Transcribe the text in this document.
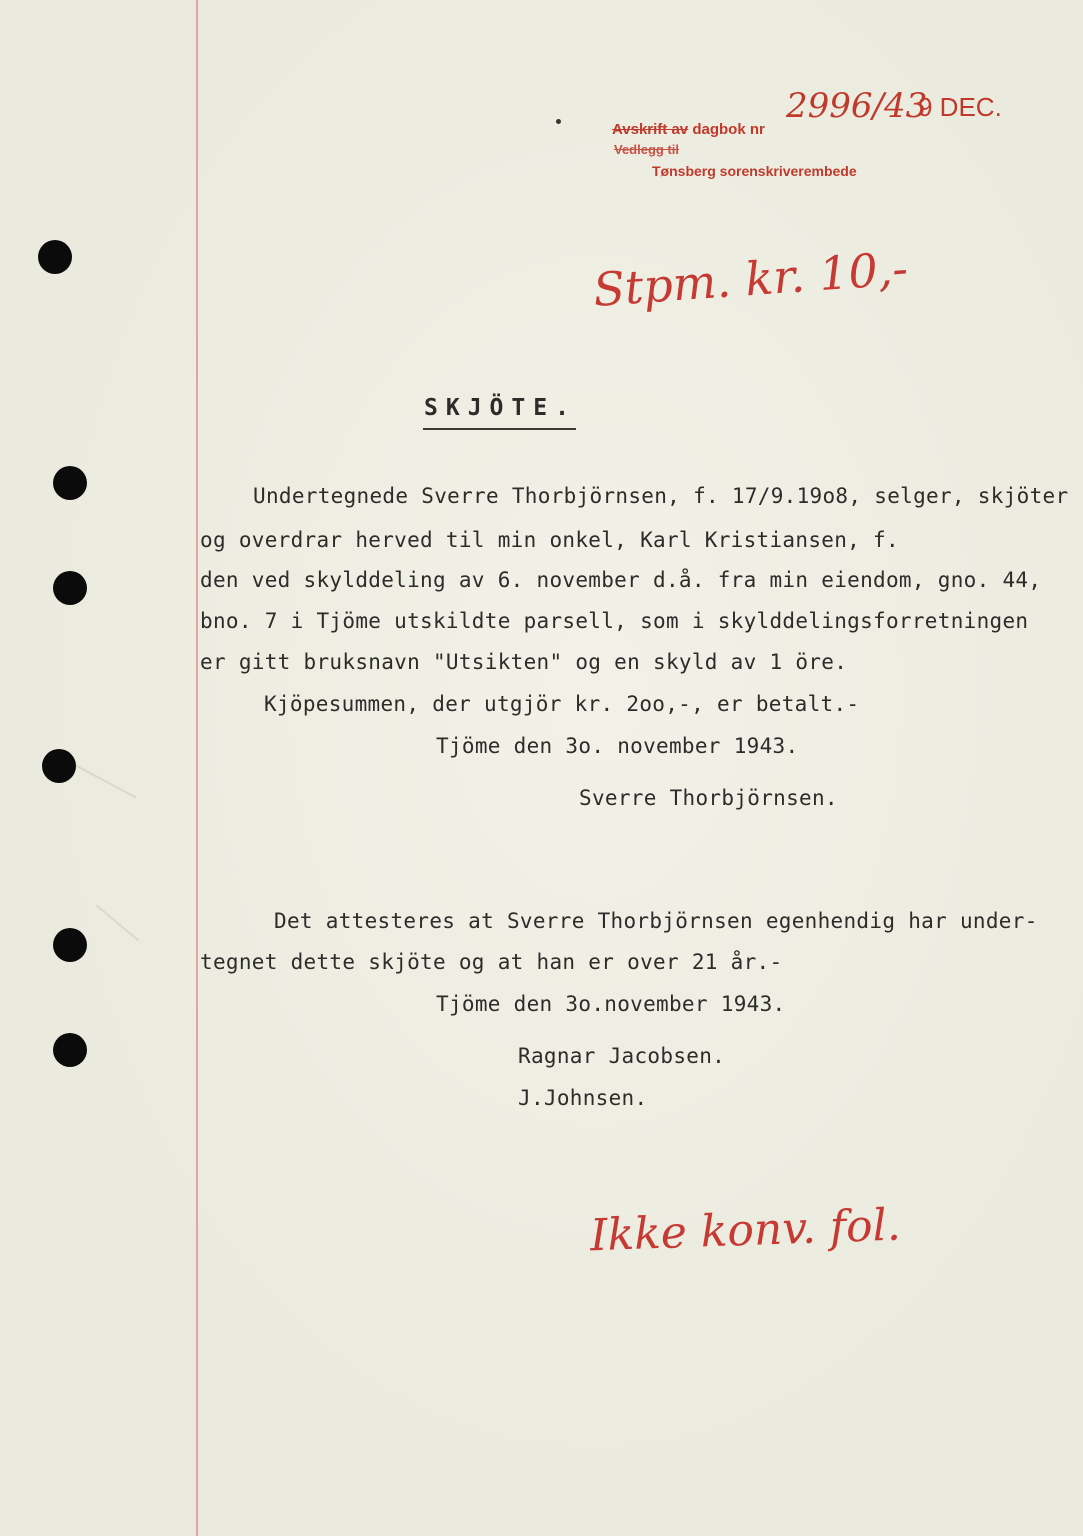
Avskrift av dagbok nr
Vedlegg til
Tønsberg sorenskriverembede
2996/43
9 DEC.
Stpm. kr. 10,-
SKJÖTE.
Undertegnede Sverre Thorbjörnsen, f. 17/9.19o8, selger, skjöter
og overdrar herved til min onkel, Karl Kristiansen, f.
den ved skylddeling av 6. november d.å. fra min eiendom, gno. 44,
bno. 7 i Tjöme utskildte parsell, som i skylddelingsforretningen
er gitt bruksnavn "Utsikten" og en skyld av 1 öre.
Kjöpesummen, der utgjör kr. 2oo,-, er betalt.-
Tjöme den 3o. november 1943.
Sverre Thorbjörnsen.
Det attesteres at Sverre Thorbjörnsen egenhendig har under-
tegnet dette skjöte og at han er over 21 år.-
Tjöme den 3o.november 1943.
Ragnar Jacobsen.
J.Johnsen.
Ikke konv. fol.
